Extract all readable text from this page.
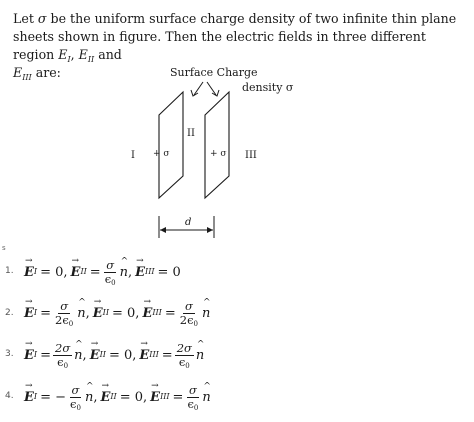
Let σ be the uniform surface charge density of two infinite thin plane sheets shown in figure. Then the electric fields in three different region $E_I$, $E_{II}$ and
$E_{III}$ are:	Surface Charge
density σ
I
II
III
+ σ	+ σ
d
s
1. → E I = 0, → E II = $\frac{\sigma}{\epsilon_0}$ ^ n , → E III = 0
2. → E $I = \frac{\sigma}{2\epsilon_0}$ ^ n , → E II = 0, → E III = $\frac{\sigma}{2\epsilon_0}$ ^ n
3. → E $I = \frac{2\sigma}{\epsilon_0}$ ^ n , → E II = 0, → E III = $\frac{2\sigma}{\epsilon_0}$ ^ n
4. → E I = − $\frac{\sigma}{\epsilon_0}$ ^ n , → E II = 0, → E III = $\frac{\sigma}{\epsilon_0}$ ^ n
